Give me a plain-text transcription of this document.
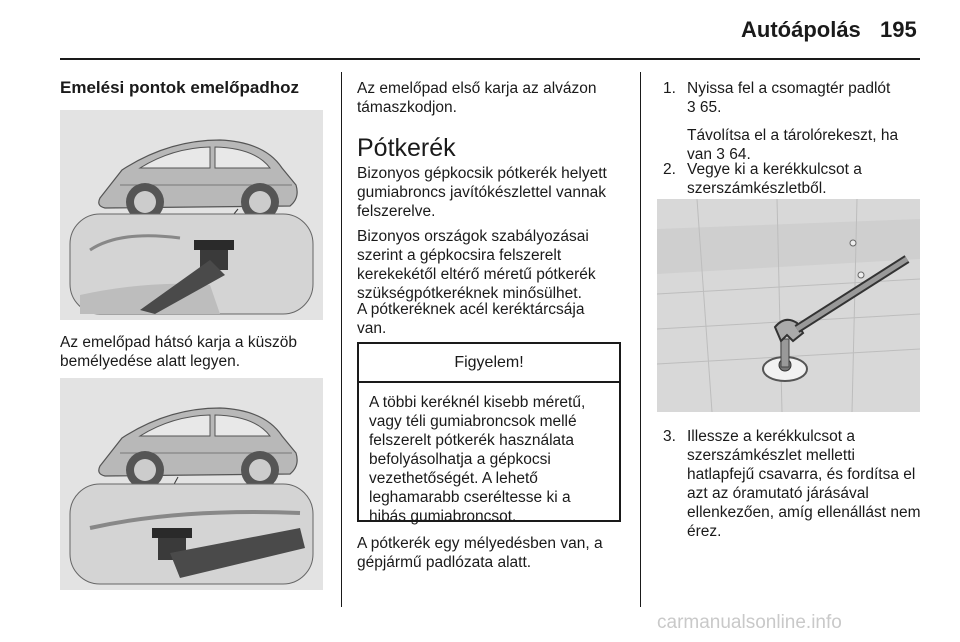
Autóápolás 195
Emelési pontok emelőpadhoz

Az emelőpad hátsó karja a küszöb
bemélyedése alatt legyen.

Az emelőpad első karja az alvázon
támaszkodjon.

Pótkerék

Bizonyos gépkocsik pótkerék helyett
gumiabroncs javítókészlettel vannak
felszerelve.

Bizonyos országok szabályozásai
szerint a gépkocsira felszerelt
kerekekétől eltérő méretű pótkerék
szükségpótkeréknek minősülhet.

A pótkeréknek acél keréktárcsája
van.

Figyelem!

A többi keréknél kisebb méretű,
vagy téli gumiabroncsok mellé
felszerelt pótkerék használata
befolyásolhatja a gépkocsi
vezethetőségét. A lehető
leghamarabb cseréltesse ki a
hibás gumiabroncsot.

A pótkerék egy mélyedésben van, a
gépjármű padlózata alatt.

1. Nyissa fel a csomagtér padlót

3 65.

Távolítsa el a tárolórekeszt, ha

van 3 64.

2. Vegye ki a kerékkulcsot a

szerszámkészletből.

3. Illessze a kerékkulcsot a

szerszámkészlet melletti

hatlapfejű csavarra, és fordítsa el

azt az óramutató járásával

ellenkezően, amíg ellenállást nem

érez.

carmanualsonline.info
